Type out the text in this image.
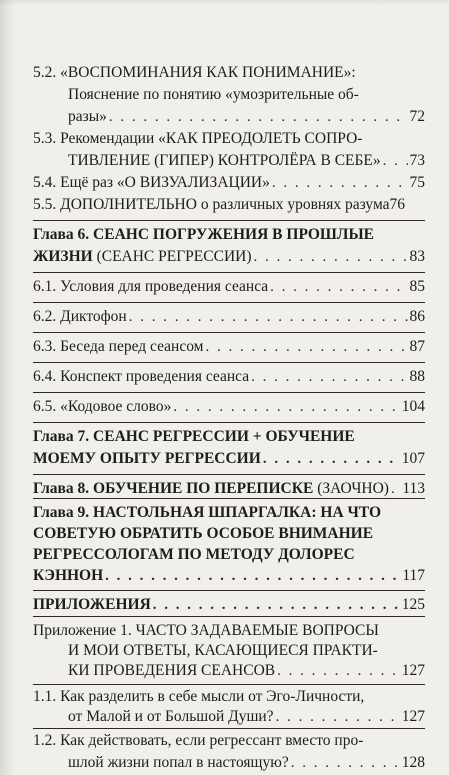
5.2. «ВОСПОМИНАНИЯ КАК ПОНИМАНИЕ»:
Пояснение по понятию «умозрительные об-
разы» . . .	72
5.3. Рекомендации «КАК ПРЕОДОЛЕТЬ СОПРО-
ТИВЛЕНИЕ (ГИПЕР) КОНТРОЛЁРА В СЕБЕ» . . . 73
5.4. Ещё раз «О ВИЗУАЛИЗАЦИИ» . . .	75
5.5. ДОПОЛНИТЕЛЬНО о различных уровнях разума 76
Глава 6. СЕАНС ПОГРУЖЕНИЯ В ПРОШЛЫЕ
ЖИЗНИ (СЕАНС РЕГРЕССИИ) . . .	83
6.1. Условия для проведения сеанса . . .	85
6.2. Диктофон . . .	86
6.3. Беседа перед сеансом . . .	87
6.4. Конспект проведения сеанса . . .	88
6.5. «Кодовое слово» . . .	104
Глава 7. СЕАНС РЕГРЕССИИ + ОБУЧЕНИЕ
МОЕМУ ОПЫТУ РЕГРЕССИИ . . .	107
Глава 8. ОБУЧЕНИЕ ПО ПЕРЕПИСКЕ (ЗАОЧНО) . . . 113
Глава 9. НАСТОЛЬНАЯ ШПАРГАЛКА: НА ЧТО
СОВЕТУЮ ОБРАТИТЬ ОСОБОЕ ВНИМАНИЕ
РЕГРЕССОЛОГАМ ПО МЕТОДУ ДОЛОРЕС
КЭННОН . . .	117
ПРИЛОЖЕНИЯ . . .	125
Приложение 1. ЧАСТО ЗАДАВАЕМЫЕ ВОПРОСЫ
И МОИ ОТВЕТЫ, КАСАЮЩИЕСЯ ПРАКТИ-
КИ ПРОВЕДЕНИЯ СЕАНСОВ . . .	127
1.1. Как разделить в себе мысли от Эго-Личности,
от Малой и от Большой Души? . . .	127
1.2. Как действовать, если регрессант вместо про-
шлой жизни попал в настоящую? . . .	128
